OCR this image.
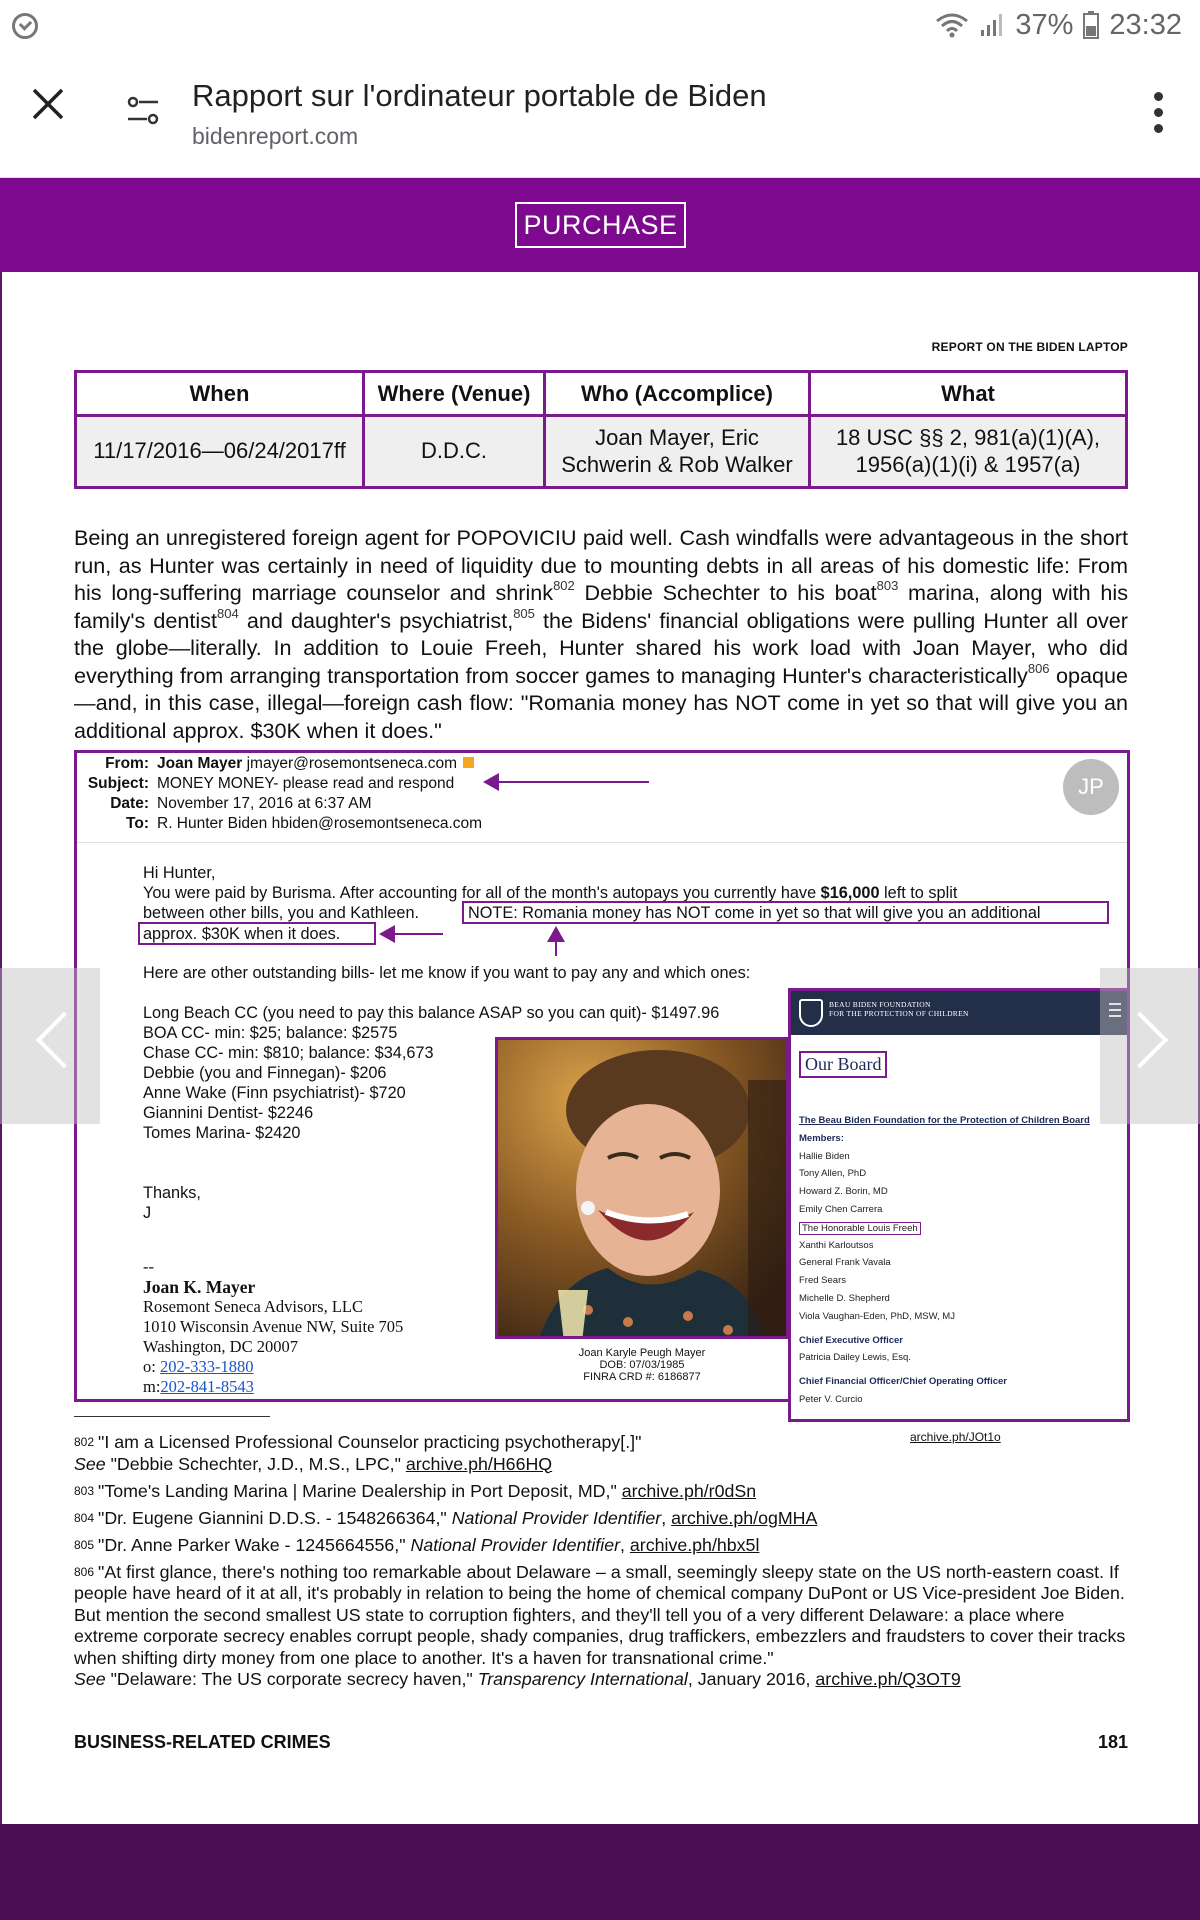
37% 23:32
Rapport sur l'ordinateur portable de Biden
bidenreport.com
PURCHASE
REPORT ON THE BIDEN LAPTOP
When	Where (Venue)	Who (Accomplice)	What
11/17/2016—06/24/2017ff	D.D.C.	Joan Mayer, Eric Schwerin & Rob Walker	18 USC §§ 2, 981(a)(1)(A), 1956(a)(1)(i) & 1957(a)
Being an unregistered foreign agent for POPOVICIU paid well. Cash windfalls were advantageous in the short run, as Hunter was certainly in need of liquidity due to mounting debts in all areas of his domestic life: From his long-suffering marriage counselor and shrink$^{802}$ Debbie Schechter to his boat$^{803}$ marina, along with his family's dentist$^{804}$ and daughter's psychiatrist,$^{805}$ the Bidens' financial obligations were pulling Hunter all over the globe—literally. In addition to Louie Freeh, Hunter shared his work load with Joan Mayer, who did everything from arranging transportation from soccer games to managing Hunter's characteristically$^{806}$ opaque—and, in this case, illegal—foreign cash flow: "Romania money has NOT come in yet so that will give you an additional approx. $30K when it does."
From: Joan Mayer jmayer@rosemontseneca.com
Subject: MONEY MONEY- please read and respond
Date: November 17, 2016 at 6:37 AM
To: R. Hunter Biden hbiden@rosemontseneca.com
JP
Hi Hunter,
You were paid by Burisma. After accounting for all of the month's autopays you currently have $16,000 left to split
between other bills, you and Kathleen.	NOTE: Romania money has NOT come in yet so that will give you an additional
approx. $30K when it does.
Here are other outstanding bills- let me know if you want to pay any and which ones:
Long Beach CC (you need to pay this balance ASAP so you can quit)- $1497.96
BOA CC- min: $25; balance: $2575
Chase CC- min: $810; balance: $34,673
Debbie (you and Finnegan)- $206
Anne Wake (Finn psychiatrist)- $720
Giannini Dentist- $2246
Tomes Marina- $2420
Thanks,
J
--
Joan K. Mayer
Rosemont Seneca Advisors, LLC
1010 Wisconsin Avenue NW, Suite 705
Washington, DC 20007
o: 202-333-1880
m:202-841-8543
Joan Karyle Peugh Mayer
DOB: 07/03/1985
FINRA CRD #: 6186877
BEAU BIDEN FOUNDATION
FOR THE PROTECTION OF CHILDREN
Our Board
The Beau Biden Foundation for the Protection of Children Board
Members:
Hallie Biden
Tony Allen, PhD
Howard Z. Borin, MD
Emily Chen Carrera
The Honorable Louis Freeh
Xanthi Karloutsos
General Frank Vavala
Fred Sears
Michelle D. Shepherd
Viola Vaughan-Eden, PhD, MSW, MJ
Chief Executive Officer
Patricia Dailey Lewis, Esq.
Chief Financial Officer/Chief Operating Officer
Peter V. Curcio
archive.ph/JOt1o
$^{802}$ "I am a Licensed Professional Counselor practicing psychotherapy[.]"
See "Debbie Schechter, J.D., M.S., LPC," archive.ph/H66HQ
$^{803}$ "Tome's Landing Marina | Marine Dealership in Port Deposit, MD," archive.ph/r0dSn
$^{804}$ "Dr. Eugene Giannini D.D.S. - 1548266364," National Provider Identifier, archive.ph/ogMHA
$^{805}$ "Dr. Anne Parker Wake - 1245664556," National Provider Identifier, archive.ph/hbx5l
$^{806}$ "At first glance, there's nothing too remarkable about Delaware – a small, seemingly sleepy state on the US north-eastern coast. If people have heard of it at all, it's probably in relation to being the home of chemical company DuPont or US Vice-president Joe Biden. But mention the second smallest US state to corruption fighters, and they'll tell you of a very different Delaware: a place where extreme corporate secrecy enables corrupt people, shady companies, drug traffickers, embezzlers and fraudsters to cover their tracks when shifting dirty money from one place to another. It's a haven for transnational crime."
See "Delaware: The US corporate secrecy haven," Transparency International, January 2016, archive.ph/Q3OT9
BUSINESS-RELATED CRIMES	181
